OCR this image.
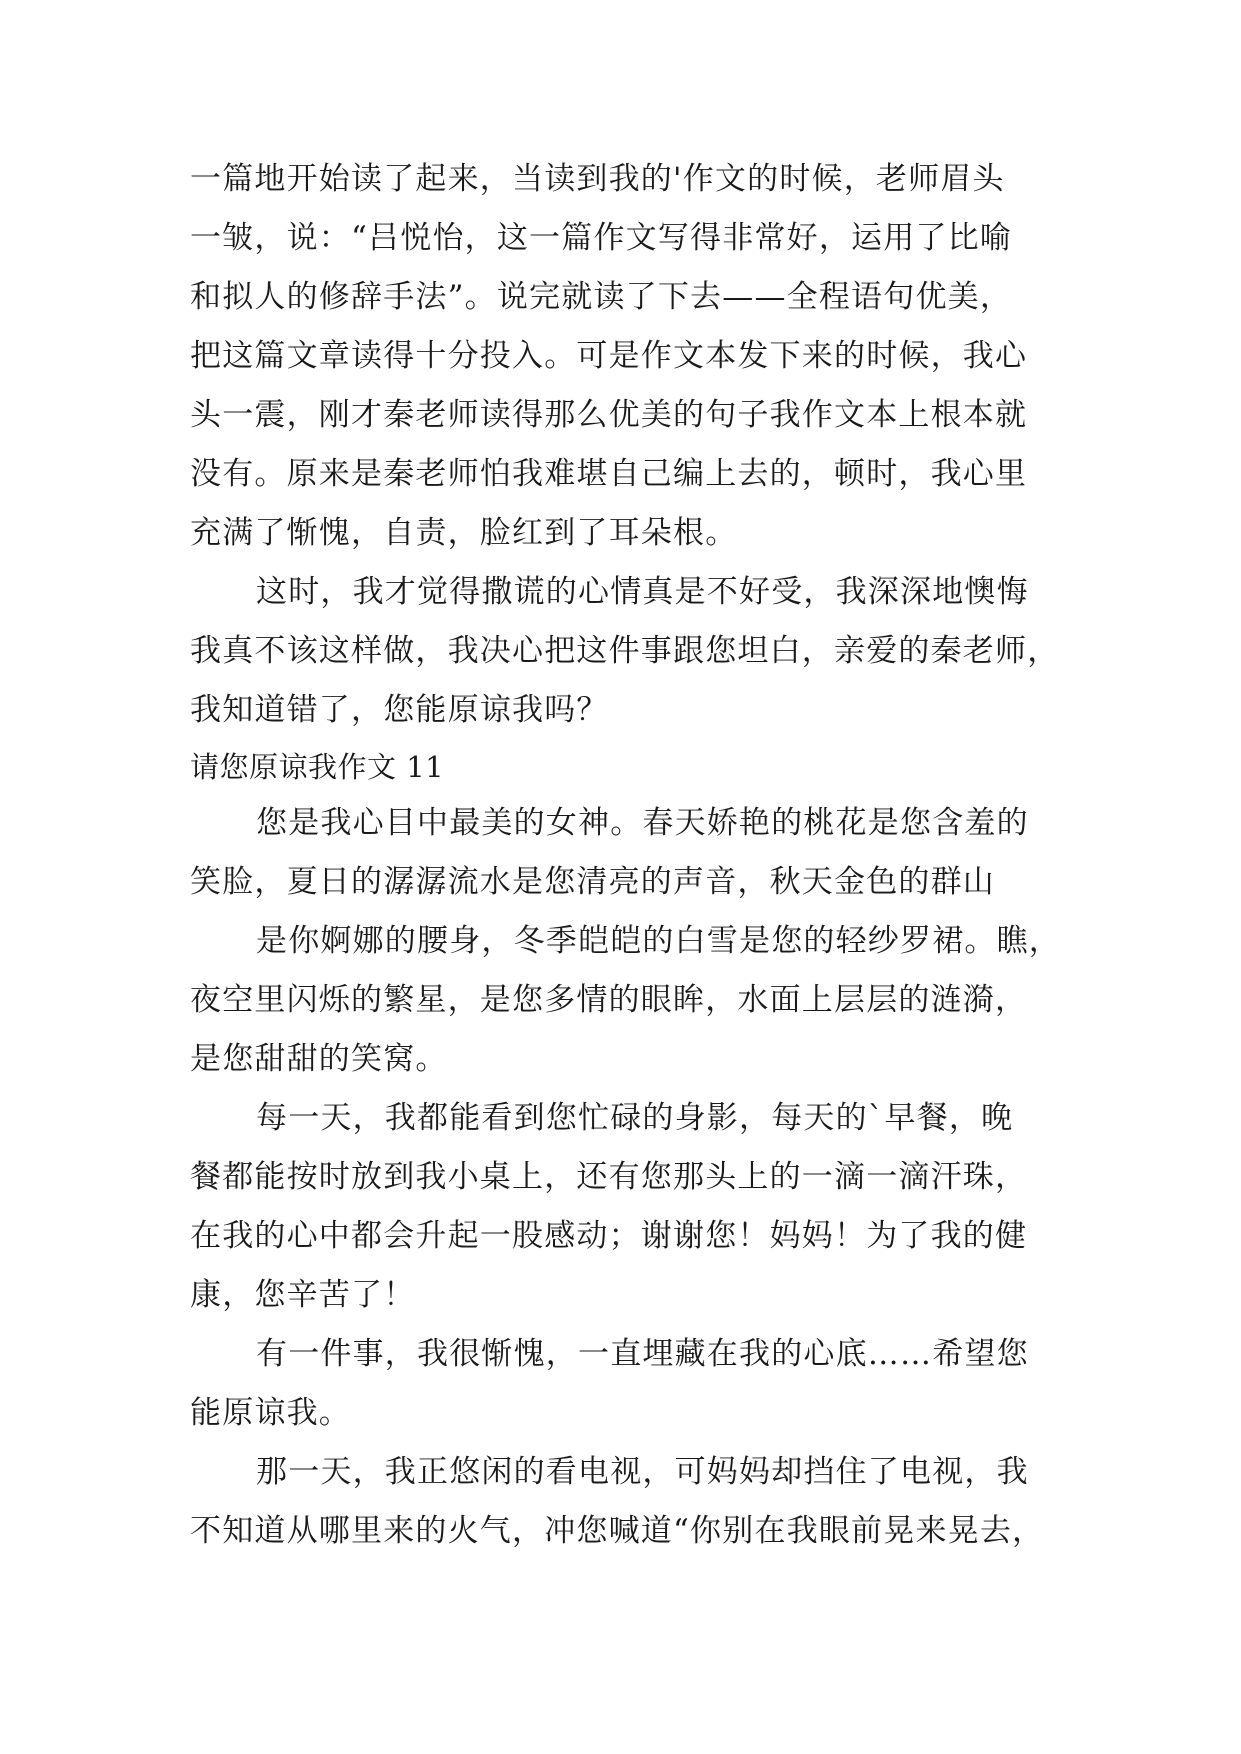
一篇地开始读了起来，当读到我的'作文的时候，老师眉头
一皱，说：“吕悦怡，这一篇作文写得非常好，运用了比喻
和拟人的修辞手法”。说完就读了下去——全程语句优美，
把这篇文章读得十分投入。可是作文本发下来的时候，我心
头一震，刚才秦老师读得那么优美的句子我作文本上根本就
没有。原来是秦老师怕我难堪自己编上去的，顿时，我心里
充满了惭愧，自责，脸红到了耳朵根。
这时，我才觉得撒谎的心情真是不好受，我深深地懊悔
我真不该这样做，我决心把这件事跟您坦白，亲爱的秦老师，
我知道错了，您能原谅我吗？
请您原谅我作文 11
您是我心目中最美的女神。春天娇艳的桃花是您含羞的
笑脸，夏日的潺潺流水是您清亮的声音，秋天金色的群山
是你婀娜的腰身，冬季皑皑的白雪是您的轻纱罗裙。瞧，
夜空里闪烁的繁星，是您多情的眼眸，水面上层层的涟漪，
是您甜甜的笑窝。
每一天，我都能看到您忙碌的身影，每天的`早餐，晚
餐都能按时放到我小桌上，还有您那头上的一滴一滴汗珠，
在我的心中都会升起一股感动；谢谢您！妈妈！为了我的健
康，您辛苦了！
有一件事，我很惭愧，一直埋藏在我的心底……希望您
能原谅我。
那一天，我正悠闲的看电视，可妈妈却挡住了电视，我
不知道从哪里来的火气，冲您喊道“你别在我眼前晃来晃去，
